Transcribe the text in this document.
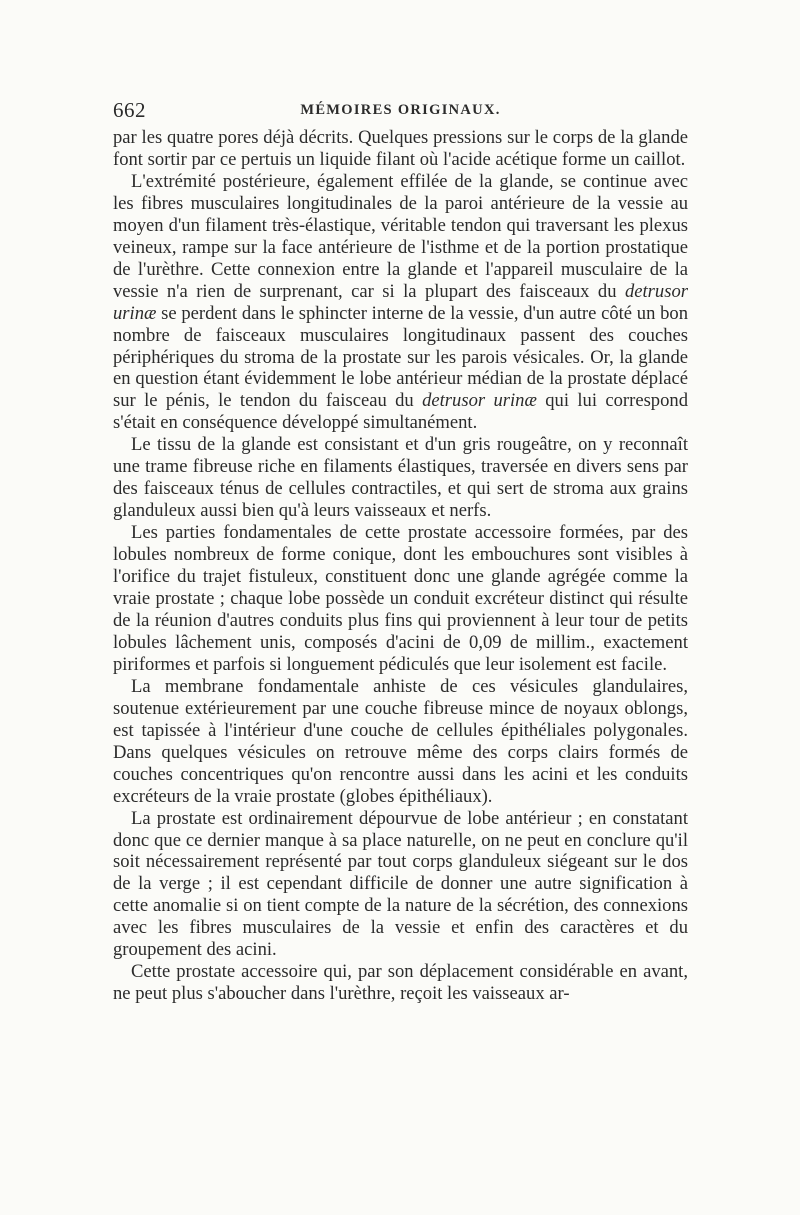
662	MÉMOIRES ORIGINAUX.

par les quatre pores déjà décrits. Quelques pressions sur le corps de la glande font sortir par ce pertuis un liquide filant où l'acide acétique forme un caillot.

L'extrémité postérieure, également effilée de la glande, se continue avec les fibres musculaires longitudinales de la paroi antérieure de la vessie au moyen d'un filament très-élastique, véritable tendon qui traversant les plexus veineux, rampe sur la face antérieure de l'isthme et de la portion prostatique de l'urèthre. Cette connexion entre la glande et l'appareil musculaire de la vessie n'a rien de surprenant, car si la plupart des faisceaux du detrusor urinæ se perdent dans le sphincter interne de la vessie, d'un autre côté un bon nombre de faisceaux musculaires longitudinaux passent des couches périphériques du stroma de la prostate sur les parois vésicales. Or, la glande en question étant évidemment le lobe antérieur médian de la prostate déplacé sur le pénis, le tendon du faisceau du detrusor urinæ qui lui correspond s'était en conséquence développé simultanément.

Le tissu de la glande est consistant et d'un gris rougeâtre, on y reconnaît une trame fibreuse riche en filaments élastiques, traversée en divers sens par des faisceaux ténus de cellules contractiles, et qui sert de stroma aux grains glanduleux aussi bien qu'à leurs vaisseaux et nerfs.

Les parties fondamentales de cette prostate accessoire formées, par des lobules nombreux de forme conique, dont les embouchures sont visibles à l'orifice du trajet fistuleux, constituent donc une glande agrégée comme la vraie prostate ; chaque lobe possède un conduit excréteur distinct qui résulte de la réunion d'autres conduits plus fins qui proviennent à leur tour de petits lobules lâchement unis, composés d'acini de 0,09 de millim., exactement piriformes et parfois si longuement pédiculés que leur isolement est facile.

La membrane fondamentale anhiste de ces vésicules glandulaires, soutenue extérieurement par une couche fibreuse mince de noyaux oblongs, est tapissée à l'intérieur d'une couche de cellules épithéliales polygonales. Dans quelques vésicules on retrouve même des corps clairs formés de couches concentriques qu'on rencontre aussi dans les acini et les conduits excréteurs de la vraie prostate (globes épithéliaux).

La prostate est ordinairement dépourvue de lobe antérieur ; en constatant donc que ce dernier manque à sa place naturelle, on ne peut en conclure qu'il soit nécessairement représenté par tout corps glanduleux siégeant sur le dos de la verge ; il est cependant difficile de donner une autre signification à cette anomalie si on tient compte de la nature de la sécrétion, des connexions avec les fibres musculaires de la vessie et enfin des caractères et du groupement des acini.

Cette prostate accessoire qui, par son déplacement considérable en avant, ne peut plus s'aboucher dans l'urèthre, reçoit les vaisseaux ar-
